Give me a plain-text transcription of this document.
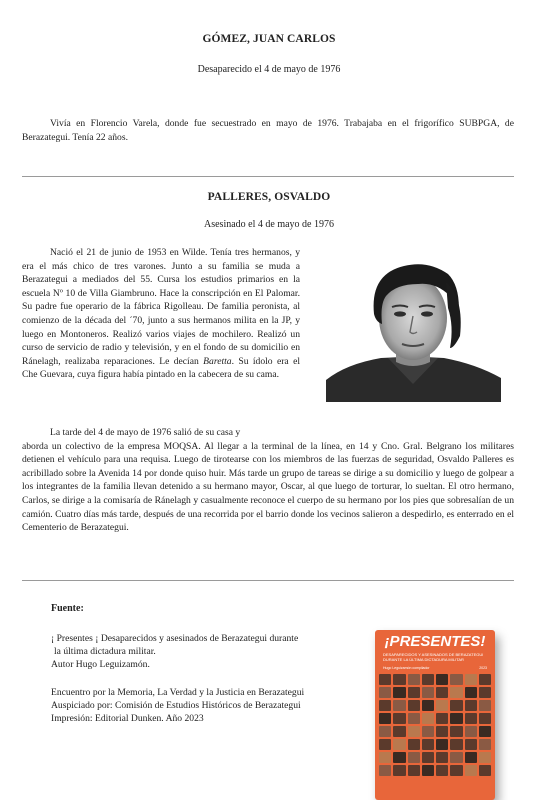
GÓMEZ, JUAN CARLOS
Desaparecido el 4 de mayo de 1976

Vivía en Florencio Varela, donde fue secuestrado en mayo de 1976. Trabajaba en el frigorífico SUBPGA, de Berazategui. Tenía 22 años.

PALLERES, OSVALDO
Asesinado el 4 de mayo de 1976

Nació el 21 de junio de 1953 en Wilde. Tenía tres hermanos, y era el más chico de tres varones. Junto a su familia se muda a Berazategui a mediados del 55. Cursa los estudios primarios en la escuela Nº 10 de Villa Giambruno. Hace la conscripción en El Palomar. Su padre fue operario de la fábrica Rigolleau. De familia peronista, al comienzo de la década del ´70, junto a sus hermanos milita en la JP, y luego en Montoneros. Realizó varios viajes de mochilero. Realizó un curso de servicio de radio y televisión, y en el fondo de su domicilio en Ránelagh, realizaba reparaciones. Le decían Baretta. Su ídolo era el Che Guevara, cuya figura había pintado en la cabecera de su cama.

La tarde del 4 de mayo de 1976 salió de su casa y

aborda un colectivo de la empresa MOQSA. Al llegar a la terminal de la línea, en 14 y Cno. Gral. Belgrano los militares detienen el vehículo para una requisa. Luego de tirotearse con los miembros de las fuerzas de seguridad, Osvaldo Palleres es acribillado sobre la Avenida 14 por donde quiso huir. Más tarde un grupo de tareas se dirige a su domicilio y luego de golpear a los integrantes de la familia llevan detenido a su hermano mayor, Oscar, al que luego de torturar, lo sueltan. El otro hermano, Carlos, se dirige a la comisaría de Ránelagh y casualmente reconoce el cuerpo de su hermano por los pies que sobresalían de un camión. Cuatro días más tarde, después de una recorrida por el barrio donde los vecinos salieron a despedirlo, es enterrado en el Cementerio de Berazategui.

Fuente:
¡ Presentes ¡ Desaparecidos y asesinados de Berazategui durante
la última dictadura militar.
Autor Hugo Leguizamón.
Encuentro por la Memoria, La Verdad y la Justicia en Berazategui
Auspiciado por: Comisión de Estudios Históricos de Berazategui
Impresión: Editorial Dunken. Año 2023
¡PRESENTES!
DESAPARECIDOS Y ASESINADOS DE BERAZATEGUI DURANTE LA ÚLTIMA DICTADURA MILITAR
Hugo Leguizamón compilador	2023
